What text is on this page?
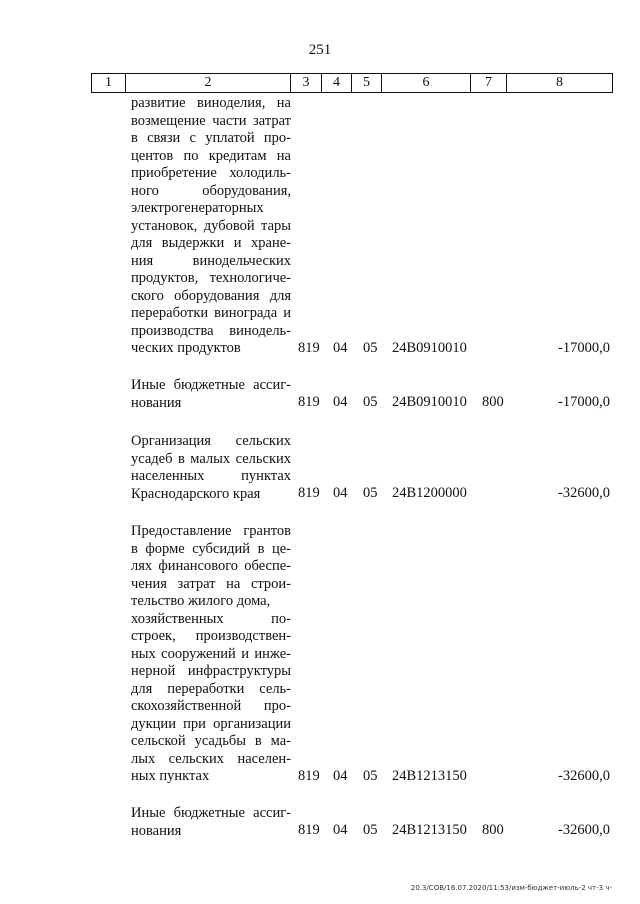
251
1	2	3	4	5	6	7	8
развитие виноделия, на
возмещение части затрат
в связи с уплатой про-
центов по кредитам на
приобретение холодиль-
ного оборудования,
электрогенераторных
установок, дубовой тары
для выдержки и хране-
ния винодельческих
продуктов, технологиче-
ского оборудования для
переработки винограда и
производства винодель-
ческих продуктов	819 04 05 24В0910010	-17000,0
Иные бюджетные ассиг-
нования	819 04 05 24В0910010 800	-17000,0
Организация сельских
усадеб в малых сельских
населенных пунктах
Краснодарского края	819 04 05 24В1200000	-32600,0
Предоставление грантов
в форме субсидий в це-
лях финансового обеспе-
чения затрат на строи-
тельство жилого дома,
хозяйственных по-
строек, производствен-
ных сооружений и инже-
нерной инфраструктуры
для переработки сель-
скохозяйственной про-
дукции при организации
сельской усадьбы в ма-
лых сельских населен-
ных пунктах	819 04 05 24В1213150	-32600,0
Иные бюджетные ассиг-
нования	819 04 05 24В1213150 800	-32600,0
20.3/СОВ/16.07.2020/11:53/изм-бюджет-июль-2 чт-3 ч-
